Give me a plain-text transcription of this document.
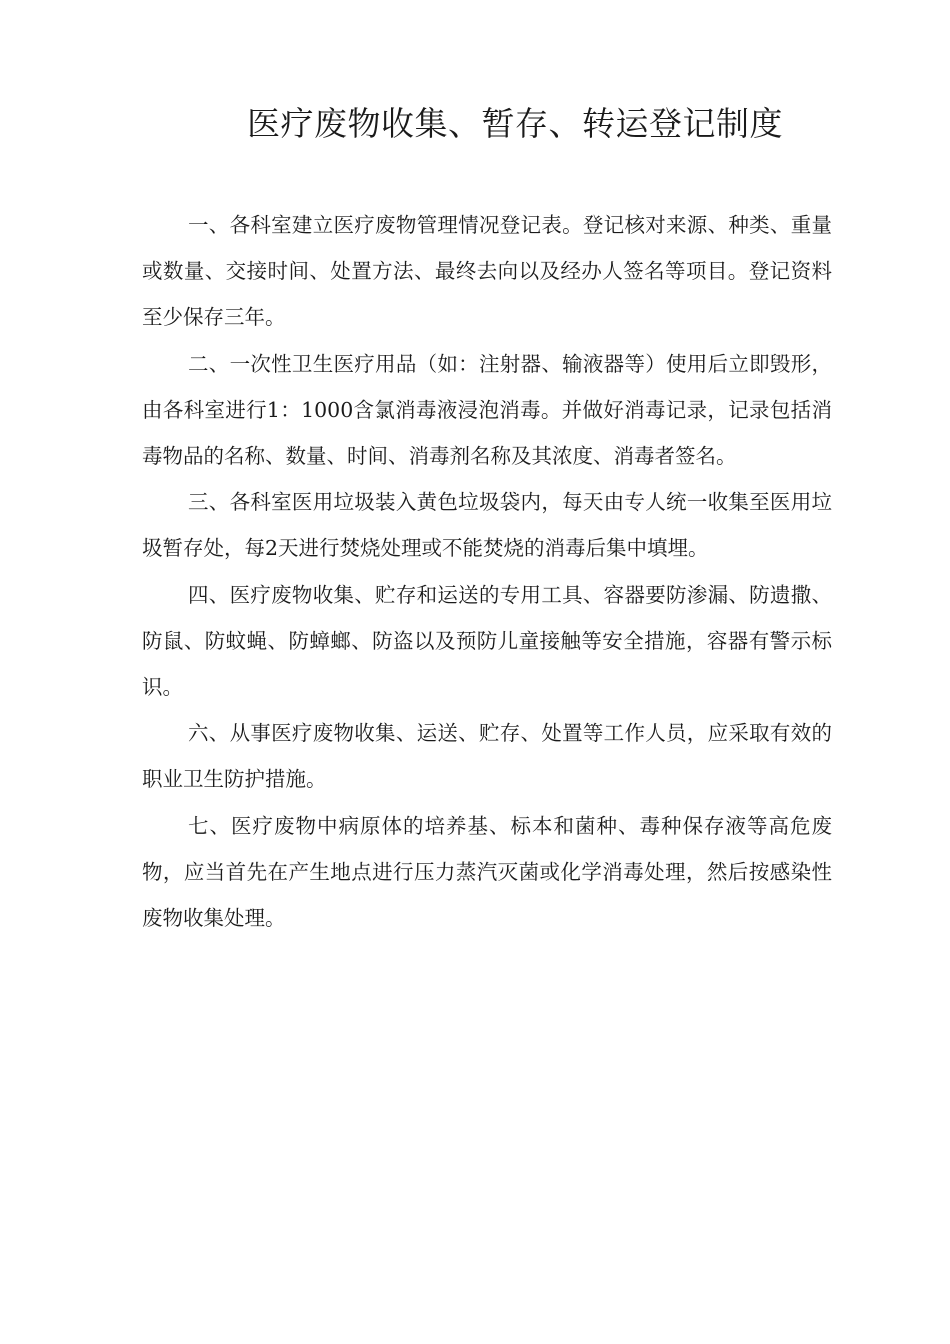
医疗废物收集、暂存、转运登记制度

一、各科室建立医疗废物管理情况登记表。登记核对来源、种类、重量或数量、交接时间、处置方法、最终去向以及经办人签名等项目。登记资料至少保存三年。

二、一次性卫生医疗用品（如：注射器、输液器等）使用后立即毁形，由各科室进行1：1000含氯消毒液浸泡消毒。并做好消毒记录，记录包括消毒物品的名称、数量、时间、消毒剂名称及其浓度、消毒者签名。

三、各科室医用垃圾装入黄色垃圾袋内，每天由专人统一收集至医用垃圾暂存处，每2天进行焚烧处理或不能焚烧的消毒后集中填埋。

四、医疗废物收集、贮存和运送的专用工具、容器要防渗漏、防遗撒、防鼠、防蚊蝇、防蟑螂、防盗以及预防儿童接触等安全措施，容器有警示标识。

六、从事医疗废物收集、运送、贮存、处置等工作人员，应采取有效的职业卫生防护措施。

七、医疗废物中病原体的培养基、标本和菌种、毒种保存液等高危废物，应当首先在产生地点进行压力蒸汽灭菌或化学消毒处理，然后按感染性废物收集处理。
